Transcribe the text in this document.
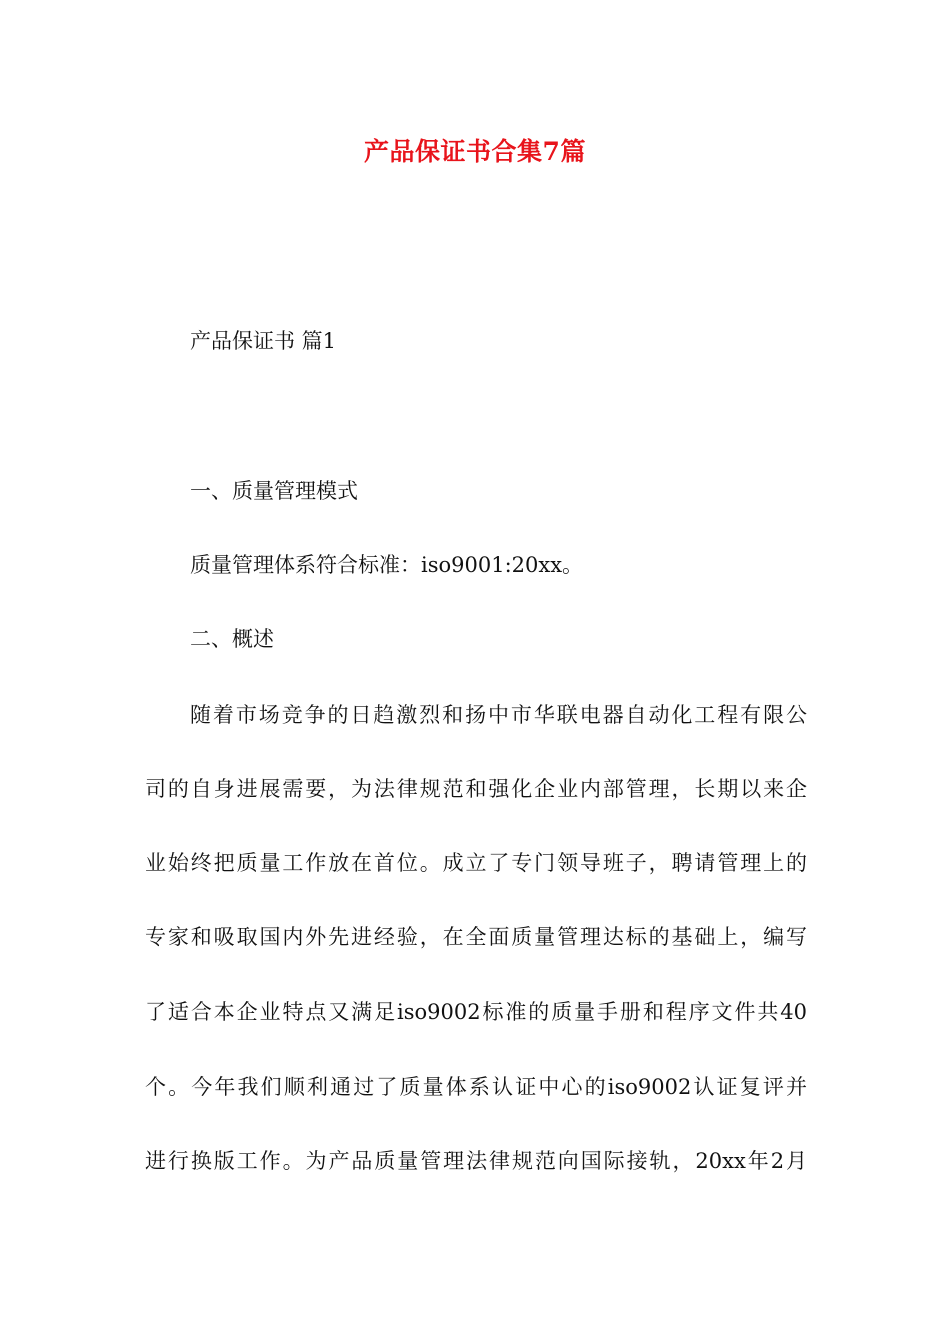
产品保证书合集7篇
产品保证书 篇1
一、质量管理模式
质量管理体系符合标准：iso9001:20xx。
二、概述
随着市场竞争的日趋激烈和扬中市华联电器自动化工程有限公
司的自身进展需要，为法律规范和强化企业内部管理，长期以来企
业始终把质量工作放在首位。成立了专门领导班子，聘请管理上的
专家和吸取国内外先进经验，在全面质量管理达标的基础上，编写
了适合本企业特点又满足iso9002标准的质量手册和程序文件共40
个。今年我们顺利通过了质量体系认证中心的iso9002认证复评并
进行换版工作。为产品质量管理法律规范向国际接轨，20xx年2月
